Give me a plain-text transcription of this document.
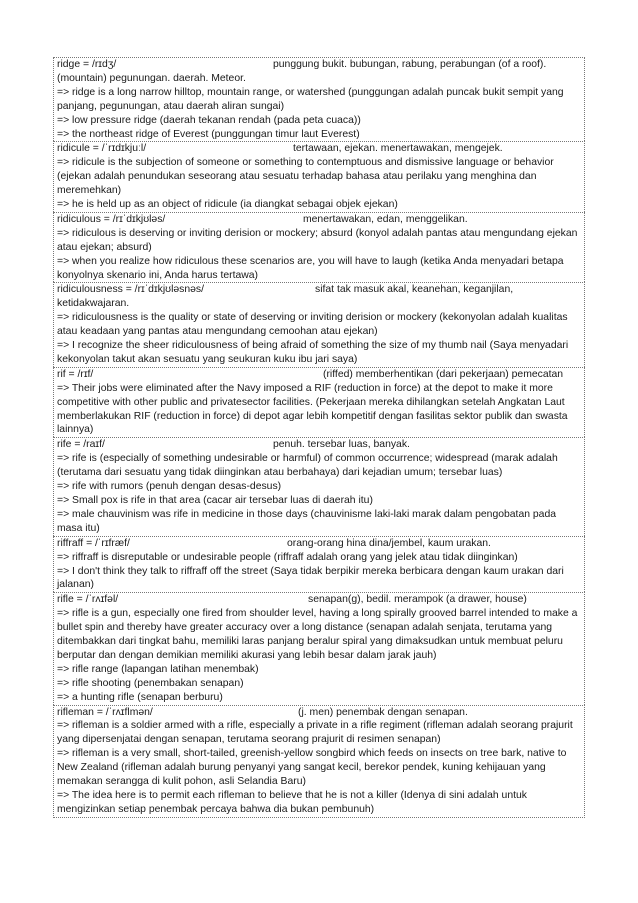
ridge = /rɪdʒ/	punggung bukit. bubungan, rabung, perabungan (of a roof).

(mountain) pegunungan. daerah. Meteor.

=> ridge is a long narrow hilltop, mountain range, or watershed (punggungan adalah puncak bukit sempit yang panjang, pegunungan, atau daerah aliran sungai)

=> low pressure ridge (daerah tekanan rendah (pada peta cuaca))

=> the northeast ridge of Everest (punggungan timur laut Everest)

ridicule = /ˈrɪdɪkjuːl/	tertawaan, ejekan. menertawakan, mengejek.

=> ridicule is the subjection of someone or something to contemptuous and dismissive language or behavior (ejekan adalah penundukan seseorang atau sesuatu terhadap bahasa atau perilaku yang menghina dan meremehkan)

=> he is held up as an object of ridicule (ia diangkat sebagai objek ejekan)

ridiculous = /rɪˈdɪkjʊləs/	menertawakan, edan, menggelikan.

=> ridiculous is deserving or inviting derision or mockery; absurd (konyol adalah pantas atau mengundang ejekan atau ejekan; absurd)

=> when you realize how ridiculous these scenarios are, you will have to laugh (ketika Anda menyadari betapa konyolnya skenario ini, Anda harus tertawa)

ridiculousness = /rɪˈdɪkjʊləsnəs/	sifat tak masuk akal, keanehan, keganjilan,

ketidakwajaran.

=> ridiculousness is the quality or state of deserving or inviting derision or mockery (kekonyolan adalah kualitas atau keadaan yang pantas atau mengundang cemoohan atau ejekan)

=> I recognize the sheer ridiculousness of being afraid of something the size of my thumb nail (Saya menyadari kekonyolan takut akan sesuatu yang seukuran kuku ibu jari saya)

rif = /rɪf/	(riffed) memberhentikan (dari pekerjaan) pemecatan

=> Their jobs were eliminated after the Navy imposed a RIF (reduction in force) at the depot to make it more competitive with other public and privatesector facilities. (Pekerjaan mereka dihilangkan setelah Angkatan Laut memberlakukan RIF (reduction in force) di depot agar lebih kompetitif dengan fasilitas sektor publik dan swasta lainnya)

rife = /raɪf/	penuh. tersebar luas, banyak.

=> rife is (especially of something undesirable or harmful) of common occurrence; widespread (marak adalah (terutama dari sesuatu yang tidak diinginkan atau berbahaya) dari kejadian umum; tersebar luas)

=> rife with rumors (penuh dengan desas-desus)

=> Small pox is rife in that area (cacar air tersebar luas di daerah itu)

=> male chauvinism was rife in medicine in those days (chauvinisme laki-laki marak dalam pengobatan pada masa itu)

riffraff = /ˈrɪfræf/	orang-orang hina dina/jembel, kaum urakan.

=> riffraff is disreputable or undesirable people (riffraff adalah orang yang jelek atau tidak diinginkan)

=> I don't think they talk to riffraff off the street (Saya tidak berpikir mereka berbicara dengan kaum urakan dari jalanan)

rifle = /ˈrʌɪfəl/	senapan(g), bedil. merampok (a drawer, house)

=> rifle is a gun, especially one fired from shoulder level, having a long spirally grooved barrel intended to make a bullet spin and thereby have greater accuracy over a long distance (senapan adalah senjata, terutama yang ditembakkan dari tingkat bahu, memiliki laras panjang beralur spiral yang dimaksudkan untuk membuat peluru berputar dan dengan demikian memiliki akurasi yang lebih besar dalam jarak jauh)

=> rifle range (lapangan latihan menembak)

=> rifle shooting (penembakan senapan)

=> a hunting rifle (senapan berburu)

rifleman = /ˈrʌɪflmən/	(j. men) penembak dengan senapan.

=> rifleman is a soldier armed with a rifle, especially a private in a rifle regiment (rifleman adalah seorang prajurit yang dipersenjatai dengan senapan, terutama seorang prajurit di resimen senapan)

=> rifleman is a very small, short-tailed, greenish-yellow songbird which feeds on insects on tree bark, native to New Zealand (rifleman adalah burung penyanyi yang sangat kecil, berekor pendek, kuning kehijauan yang memakan serangga di kulit pohon, asli Selandia Baru)

=> The idea here is to permit each rifleman to believe that he is not a killer (Idenya di sini adalah untuk mengizinkan setiap penembak percaya bahwa dia bukan pembunuh)
